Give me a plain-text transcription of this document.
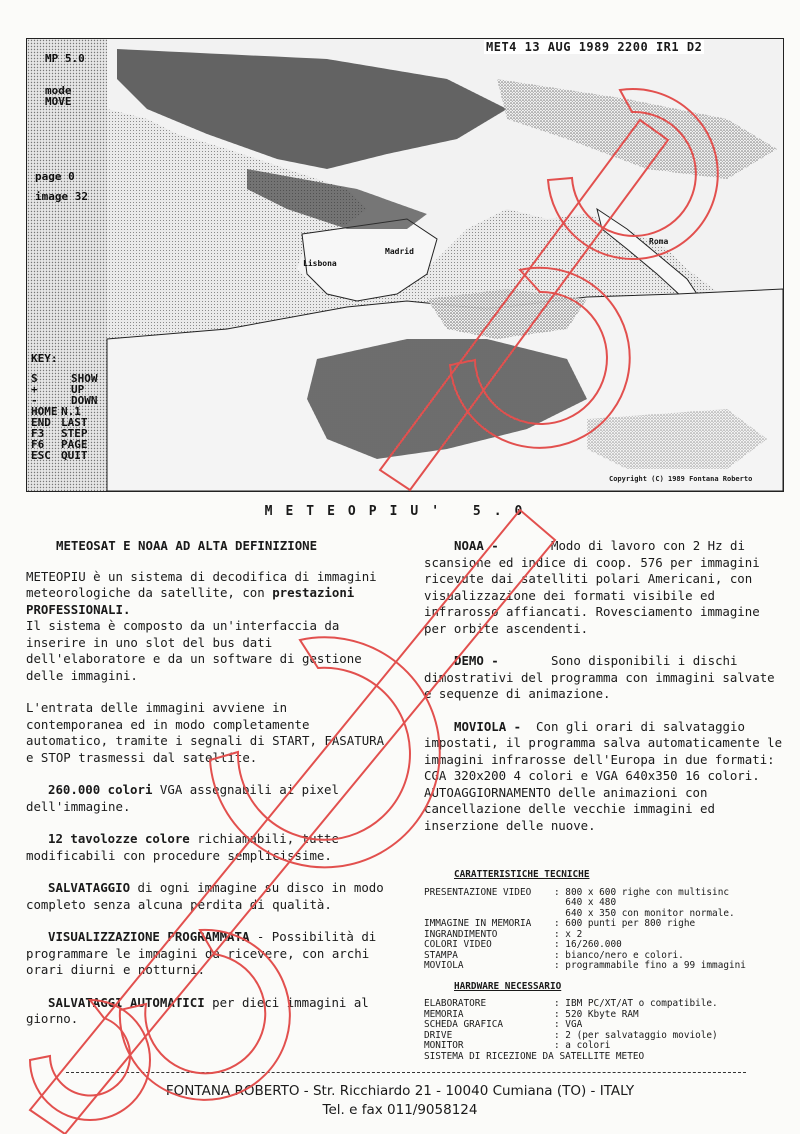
MP 5.0
mode
MOVE
page 0
image 32
KEY:
S	SHOW
+	UP
-	DOWN
HOME N.1
END LAST
F3 STEP
F6 PAGE
ESC QUIT
Madrid
Lisbona
Roma
Copyright (C) 1989 Fontana Roberto
MET4 13 AUG 1989 2200 IR1 D2
METEOPIU' 5.0

METEOSAT E NOAA AD ALTA DEFINIZIONE

METEOPIU è un sistema di decodifica di immagini meteorologiche da satellite, con prestazioni PROFESSIONALI.

Il sistema è composto da un'interfaccia da inserire in uno slot del bus dati dell'elaboratore e da un software di gestione delle immagini.

L'entrata delle immagini avviene in contemporanea ed in modo completamente automatico, tramite i segnali di START, FASATURA e STOP trasmessi dal satellite.

260.000 colori VGA assegnabili ai pixel dell'immagine.

12 tavolozze colore richiamabili, tutte modificabili con procedure semplicissime.

SALVATAGGIO di ogni immagine su disco in modo completo senza alcuna perdita di qualità.

VISUALIZZAZIONE PROGRAMMATA - Possibilità di programmare le immagini da ricevere, con archi orari diurni e notturni.

SALVATAGGI AUTOMATICI per dieci immagini al giorno.

NOAA -       Modo di lavoro con 2 Hz di scansione ed indice di coop. 576 per immagini ricevute dai satelliti polari Americani, con visualizzazione dei formati visibile ed infrarosso affiancati. Rovesciamento immagine per orbite ascendenti.

DEMO -       Sono disponibili i dischi dimostrativi del programma con immagini salvate e sequenze di animazione.

MOVIOLA -  Con gli orari di salvataggio impostati, il programma salva automaticamente le immagini infrarosse dell'Europa in due formati: CGA 320x200 4 colori e VGA 640x350 16 colori.

AUTOAGGIORNAMENTO delle animazioni con cancellazione delle vecchie immagini ed inserzione delle nuove.

CARATTERISTICHE TECNICHE
PRESENTAZIONE VIDEO	:	800 x 600 righe con multisinc
		640 x 480
		640 x 350 con monitor normale.
IMMAGINE IN MEMORIA	:	600 punti per 800 righe
INGRANDIMENTO	:	x 2
COLORI VIDEO	:	16/260.000
STAMPA	:	bianco/nero e colori.
MOVIOLA	:	programmabile fino a 99 immagini
HARDWARE NECESSARIO
ELABORATORE	:	IBM PC/XT/AT o compatibile.
MEMORIA	:	520 Kbyte RAM
SCHEDA GRAFICA	:	VGA
DRIVE	:	2 (per salvataggio moviole)
MONITOR	:	a colori
SISTEMA DI RICEZIONE DA SATELLITE METEO
FONTANA ROBERTO - Str. Ricchiardo 21 - 10040 Cumiana (TO) - ITALY
Tel. e fax 011/9058124
